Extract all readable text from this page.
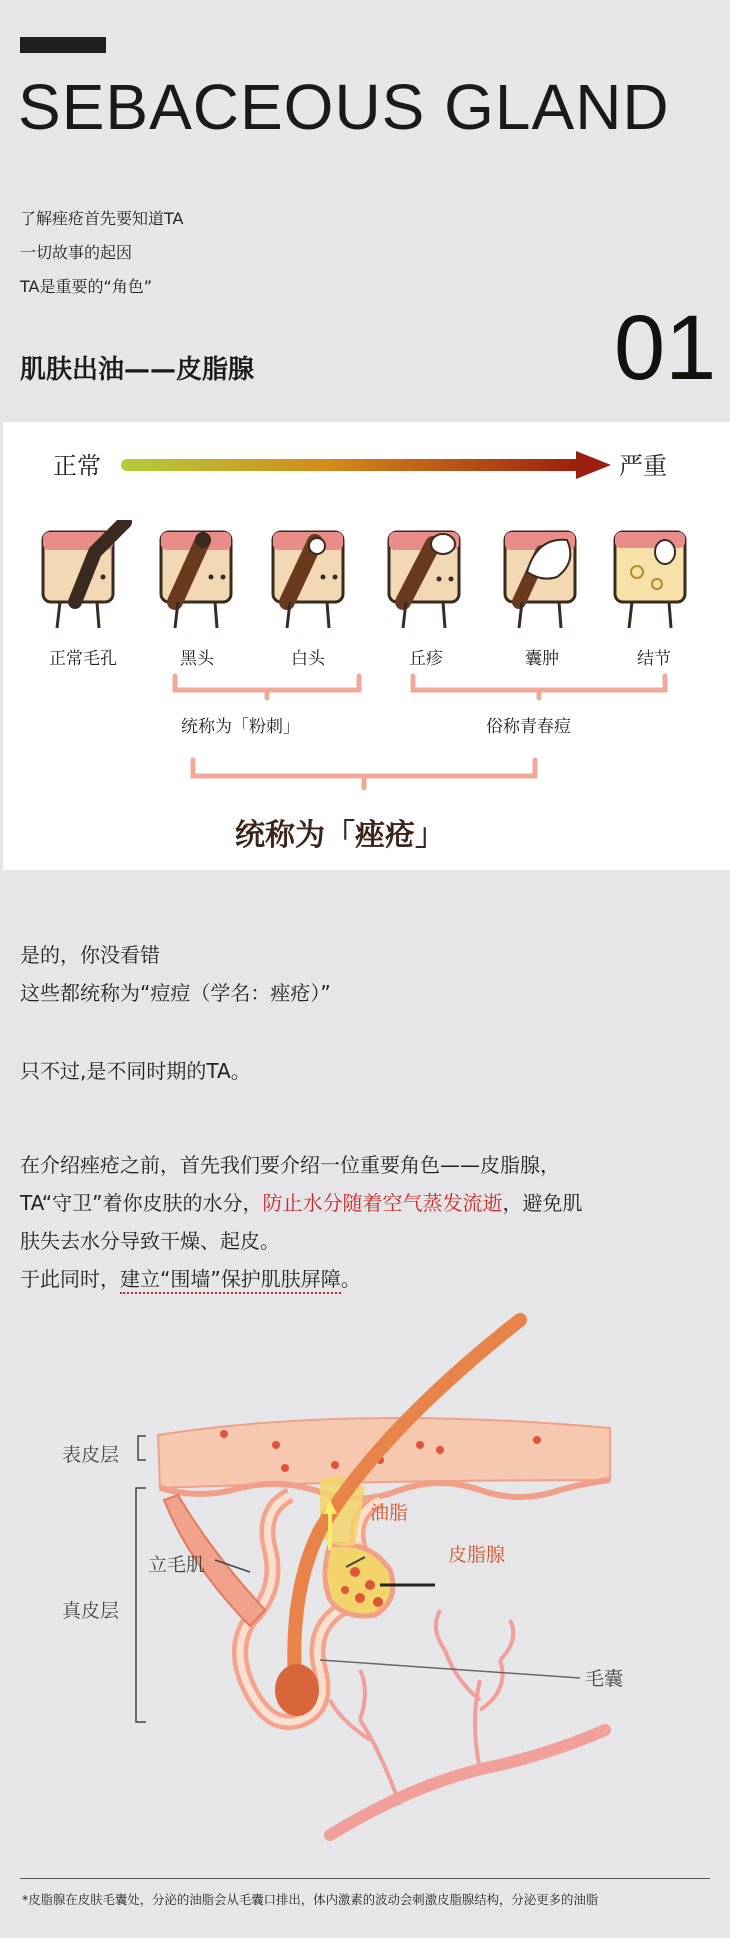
SEBACEOUS GLAND
了解痤疮首先要知道TA
一切故事的起因
TA是重要的“角色”
肌肤出油——皮脂腺	01
正常	严重
正常毛孔	黑头	白头	丘疹	囊肿	结节
统称为「粉刺」	俗称青春痘
统称为「痤疮」
是的，你没看错
这些都统称为“痘痘（学名：痤疮）”
只不过,是不同时期的TA。
在介绍痤疮之前，首先我们要介绍一位重要角色——皮脂腺，
TA“守卫”着你皮肤的水分，防止水分随着空气蒸发流逝，避免肌
肤失去水分导致干燥、起皮。
于此同时，建立“围墙”保护肌肤屏障。
表皮层
真皮层
立毛肌
油脂
皮脂腺
毛囊
*皮脂腺在皮肤毛囊处，分泌的油脂会从毛囊口排出，体内激素的波动会刺激皮脂腺结构，分泌更多的油脂
